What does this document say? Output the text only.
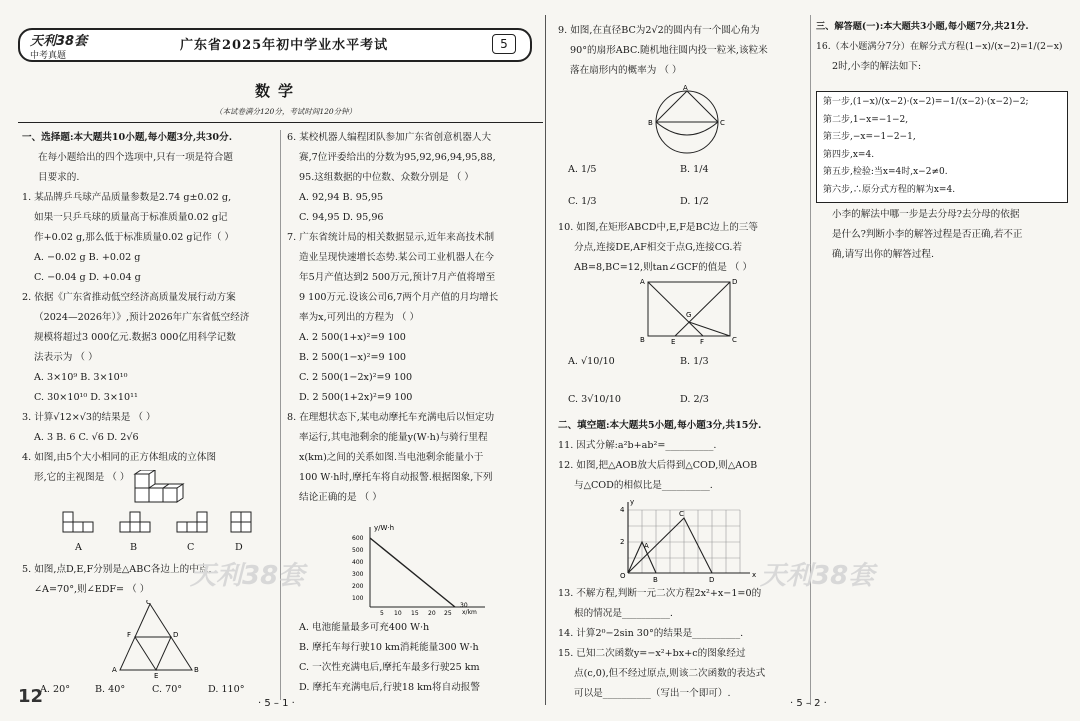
天利38套
中考真题
广东省2025年初中学业水平考试	5
数学
（本试卷满分120分，考试时间120分钟）
一、选择题:本大题共10小题,每小题3分,共30分.
在每小题给出的四个选项中,只有一项是符合题
目要求的.
1. 某品牌乒乓球产品质量参数是2.74 g±0.02 g,
如果一只乒乓球的质量高于标准质量0.02 g记
作+0.02 g,那么低于标准质量0.02 g记作（ ）
A. −0.02 g B. +0.02 g
C. −0.04 g D. +0.04 g
2. 依据《广东省推动低空经济高质量发展行动方案
（2024—2026年）》,预计2026年广东省低空经济
规模将超过3 000亿元.数据3 000亿用科学记数
法表示为 （ ）
A. 3×10⁹ B. 3×10¹⁰
C. 30×10¹⁰ D. 3×10¹¹
3. 计算√12×√3的结果是 （ ）
A. 3 B. 6 C. √6 D. 2√6
4. 如图,由5个大小相同的正方体组成的立体图
形,它的主视图是 （ ）
A	B	C	D
5. 如图,点D,E,F分别是△ABC各边上的中点,
∠A=70°,则∠EDF= （ ）
C
A	B
F	D
E
A. 20°	B. 40°	C. 70°	D. 110°
6. 某校机器人编程团队参加广东省创意机器人大
赛,7位评委给出的分数为95,92,96,94,95,88,
95.这组数据的中位数、众数分别是 （ ）
A. 92,94 B. 95,95
C. 94,95 D. 95,96
7. 广东省统计局的相关数据显示,近年来高技术制
造业呈现快速增长态势.某公司工业机器人在今
年5月产值达到2 500万元,预计7月产值将增至
9 100万元.设该公司6,7两个月产值的月均增长
率为x,可列出的方程为 （ ）
A. 2 500(1+x)²=9 100
B. 2 500(1−x)²=9 100
C. 2 500(1−2x)²=9 100
D. 2 500(1+2x)²=9 100
8. 在理想状态下,某电动摩托车充满电后以恒定功
率运行,其电池剩余的能量y(W·h)与骑行里程
x(km)之间的关系如图.当电池剩余能量小于
100 W·h时,摩托车将自动报警.根据图象,下列
结论正确的是 （ ）
y/W·h
x/km
600
500
400
300
200
100
5 10 15 20 25
30
A. 电池能量最多可充400 W·h
B. 摩托车每行驶10 km消耗能量300 W·h
C. 一次性充满电后,摩托车最多行驶25 km
D. 摩托车充满电后,行驶18 km将自动报警
9. 如图,在直径BC为2√2的圆内有一个圆心角为
90°的扇形ABC.随机地往圆内投一粒米,该粒米
落在扇形内的概率为 （ ）
A
B	C
A. 1/5	B. 1/4
C. 1/3	D. 1/2
10. 如图,在矩形ABCD中,E,F是BC边上的三等
分点,连接DE,AF相交于点G,连接CG.若
AB=8,BC=12,则tan∠GCF的值是 （ ）
A	D
B	C
E	F
G
A. √10/10	B. 1/3
C. 3√10/10	D. 2/3
二、填空题:本大题共5小题,每小题3分,共15分.
11. 因式分解:a²b+ab²=__________.
12. 如图,把△AOB放大后得到△COD,则△AOB
与△COD的相似比是__________.
4
2
O	x
y
A
C
B	D
13. 不解方程,判断一元二次方程2x²+x−1=0的
根的情况是__________.
14. 计算2⁰−2sin 30°的结果是__________.
15. 已知二次函数y=−x²+bx+c的图象经过
点(c,0),但不经过原点,则该二次函数的表达式
可以是__________（写出一个即可）.
三、解答题(一):本大题共3小题,每小题7分,共21分.
16.（本小题满分7分）在解分式方程(1−x)/(x−2)=1/(2−x)
2时,小李的解法如下:
第一步,(1−x)/(x−2)·(x−2)=−1/(x−2)·(x−2)−2;
第二步,1−x=−1−2,
第三步,−x=−1−2−1,
第四步,x=4.
第五步,检验:当x=4时,x−2≠0.
第六步,∴原分式方程的解为x=4.
小李的解法中哪一步是去分母?去分母的依据
是什么?判断小李的解答过程是否正确,若不正
确,请写出你的解答过程.
天利38套	天利38套
12	· 5 – 1 ·	· 5 – 2 ·
